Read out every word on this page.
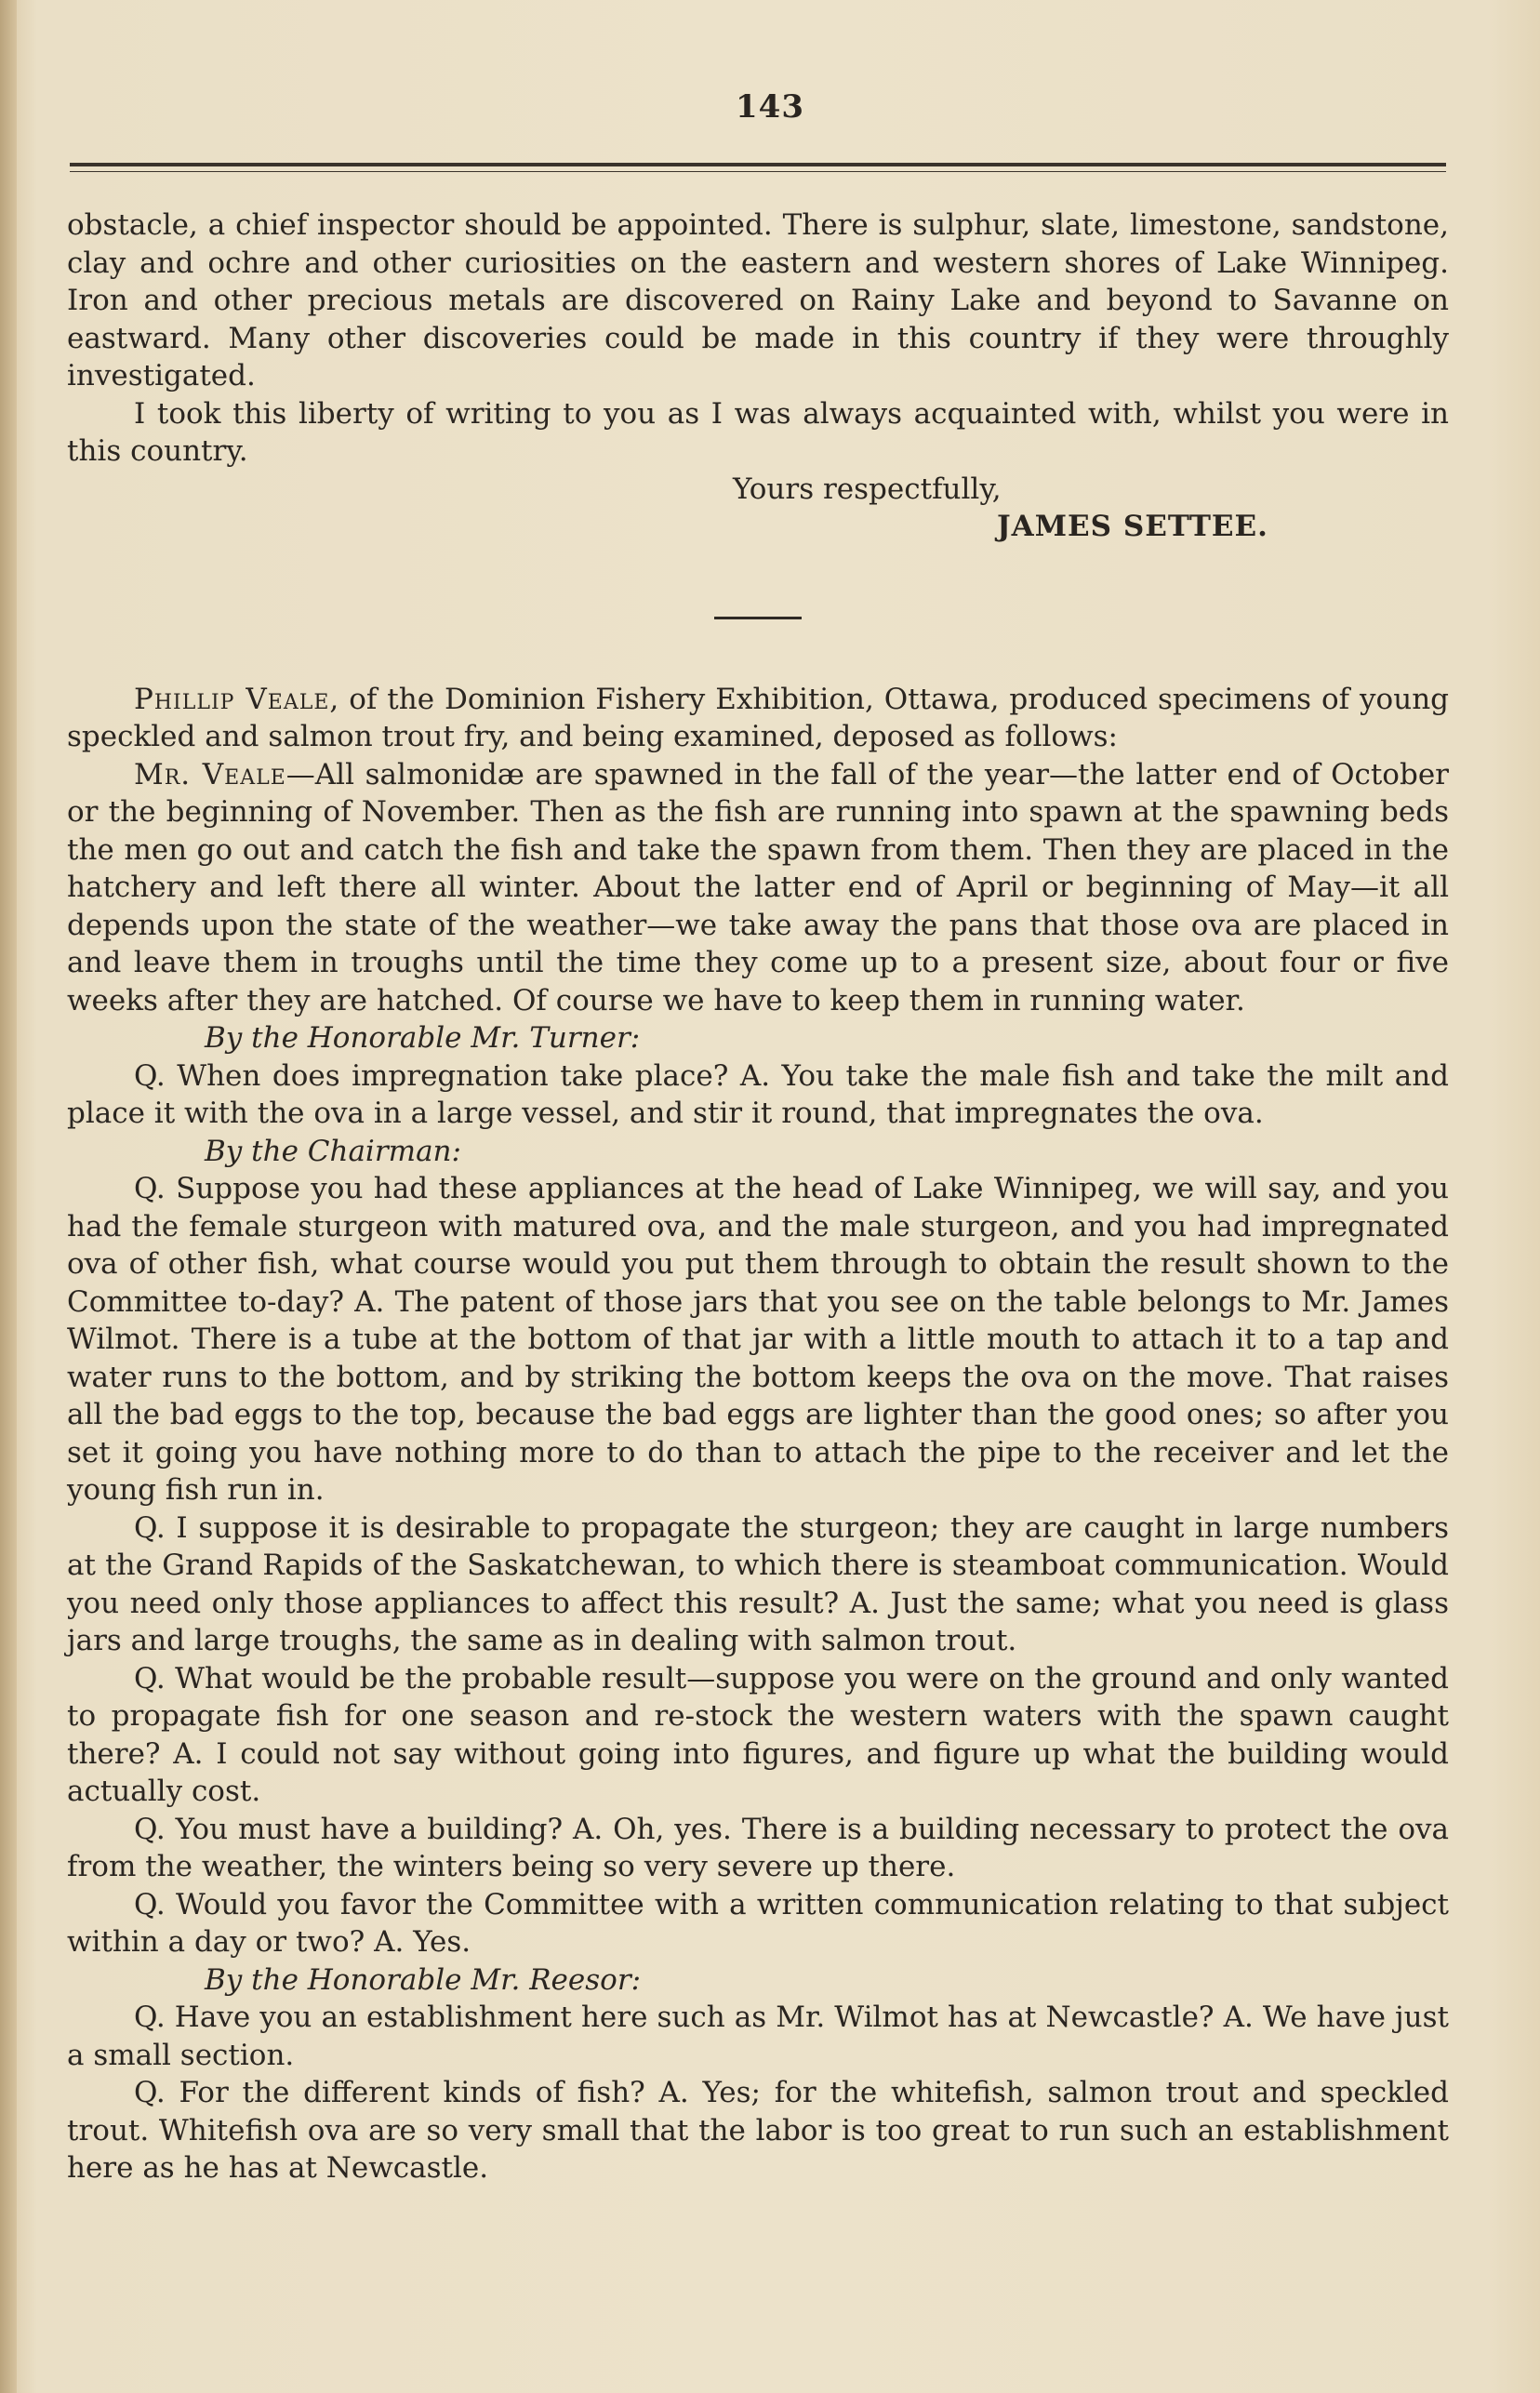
143

obstacle, a chief inspector should be appointed. There is sulphur, slate, limestone, sandstone, clay and ochre and other curiosities on the eastern and western shores of Lake Winnipeg. Iron and other precious metals are discovered on Rainy Lake and beyond to Savanne on eastward. Many other discoveries could be made in this country if they were throughly investigated.

I took this liberty of writing to you as I was always acquainted with, whilst you were in this country.

Yours respectfully,

JAMES SETTEE.

Phillip Veale, of the Dominion Fishery Exhibition, Ottawa, produced specimens of young speckled and salmon trout fry, and being examined, deposed as follows:

Mr. Veale—All salmonidæ are spawned in the fall of the year—the latter end of October or the beginning of November. Then as the fish are running into spawn at the spawning beds the men go out and catch the fish and take the spawn from them. Then they are placed in the hatchery and left there all winter. About the latter end of April or beginning of May—it all depends upon the state of the weather—we take away the pans that those ova are placed in and leave them in troughs until the time they come up to a present size, about four or five weeks after they are hatched. Of course we have to keep them in running water.

By the Honorable Mr. Turner:

Q. When does impregnation take place? A. You take the male fish and take the milt and place it with the ova in a large vessel, and stir it round, that impregnates the ova.

By the Chairman:

Q. Suppose you had these appliances at the head of Lake Winnipeg, we will say, and you had the female sturgeon with matured ova, and the male sturgeon, and you had impregnated ova of other fish, what course would you put them through to obtain the result shown to the Committee to-day? A. The patent of those jars that you see on the table belongs to Mr. James Wilmot. There is a tube at the bottom of that jar with a little mouth to attach it to a tap and water runs to the bottom, and by striking the bottom keeps the ova on the move. That raises all the bad eggs to the top, because the bad eggs are lighter than the good ones; so after you set it going you have nothing more to do than to attach the pipe to the receiver and let the young fish run in.

Q. I suppose it is desirable to propagate the sturgeon; they are caught in large numbers at the Grand Rapids of the Saskatchewan, to which there is steamboat communication. Would you need only those appliances to affect this result? A. Just the same; what you need is glass jars and large troughs, the same as in dealing with salmon trout.

Q. What would be the probable result—suppose you were on the ground and only wanted to propagate fish for one season and re-stock the western waters with the spawn caught there? A. I could not say without going into figures, and figure up what the building would actually cost.

Q. You must have a building? A. Oh, yes. There is a building necessary to protect the ova from the weather, the winters being so very severe up there.

Q. Would you favor the Committee with a written communication relating to that subject within a day or two? A. Yes.

By the Honorable Mr. Reesor:

Q. Have you an establishment here such as Mr. Wilmot has at Newcastle? A. We have just a small section.

Q. For the different kinds of fish? A. Yes; for the whitefish, salmon trout and speckled trout. Whitefish ova are so very small that the labor is too great to run such an establishment here as he has at Newcastle.
